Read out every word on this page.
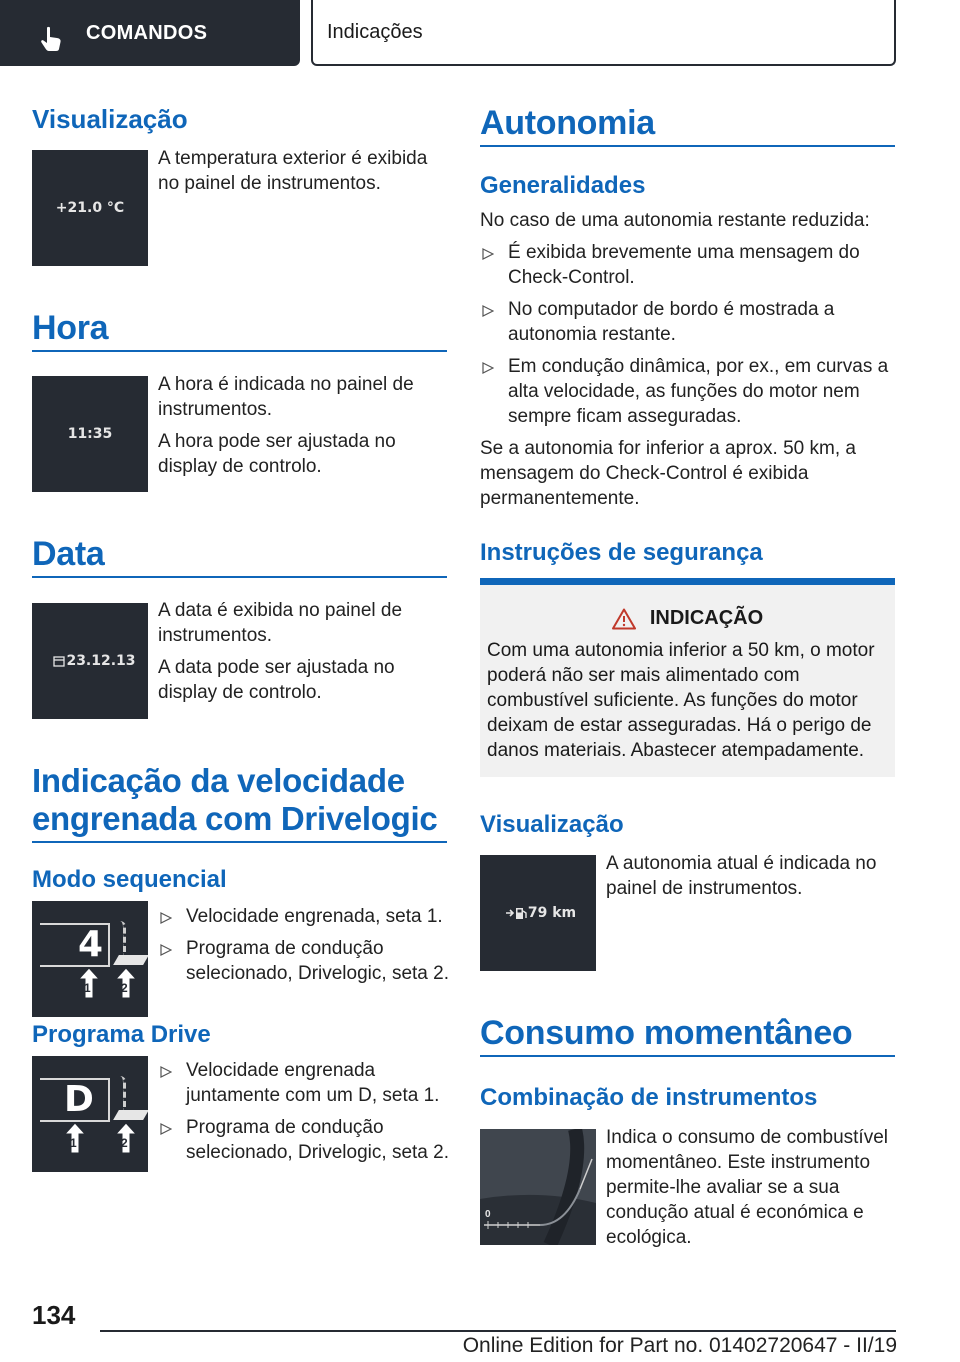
COMANDOS	Indicações
Visualização
+21.0 °C
A temperatura exterior é exibida no painel de instrumentos.
Hora
11:35
A hora é indicada no painel de instrumentos.
A hora pode ser ajustada no display de controlo.
Data
23.12.13
A data é exibida no painel de instrumentos.
A data pode ser ajustada no display de controlo.
Indicação da velocidade
engrenada com Drivelogic
Modo sequencial
4
1	2
Velocidade engrenada, seta 1.
Programa de condução selecionado, Drivelogic, seta 2.
Programa Drive
D
1	2
Velocidade engrenada juntamente com um D, seta 1.
Programa de condução selecionado, Drivelogic, seta 2.
Autonomia
Generalidades
No caso de uma autonomia restante reduzida:
É exibida brevemente uma mensagem do Check-Control.
No computador de bordo é mostrada a autonomia restante.
Em condução dinâmica, por ex., em curvas a alta velocidade, as funções do motor nem sempre ficam asseguradas.
Se a autonomia for inferior a aprox. 50 km, a mensagem do Check-Control é exibida permanentemente.
Instruções de segurança
INDICAÇÃO
Com uma autonomia inferior a 50 km, o motor poderá não ser mais alimentado com combustível suficiente. As funções do motor deixam de estar asseguradas. Há o perigo de danos materiais. Abastecer atempadamente.
Visualização
79 km
A autonomia atual é indicada no painel de instrumentos.
Consumo momentâneo
Combinação de instrumentos
0
Indica o consumo de combustível momentâneo. Este instrumento permite-lhe avaliar se a sua condução atual é económica e ecológica.
134
Online Edition for Part no. 01402720647 - II/19
